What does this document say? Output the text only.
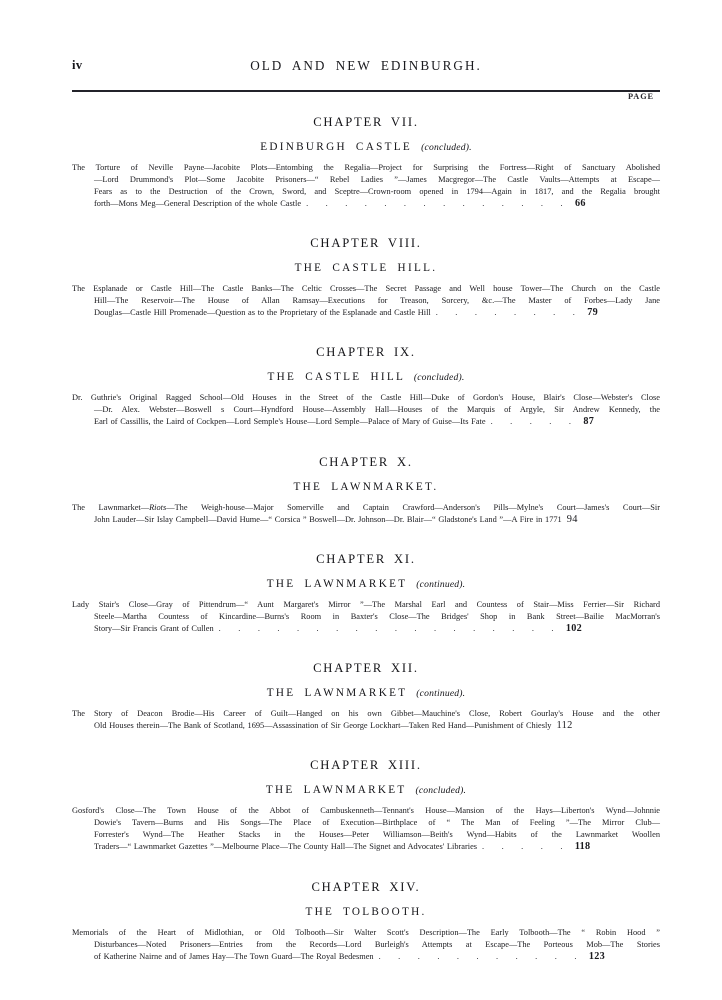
iv	OLD AND NEW EDINBURGH.
PAGE
CHAPTER VII.
EDINBURGH CASTLE (concluded).
The Torture of Neville Payne—Jacobite Plots—Entombing the Regalia—Project for Surprising the Fortress—Right of Sanctuary Abolished
—Lord Drummond's Plot—Some Jacobite Prisoners—“ Rebel Ladies ”—James Macgregor—The Castle Vaults—Attempts at Escape—
Fears as to the Destruction of the Crown, Sword, and Sceptre—Crown-room opened in 1794—Again in 1817, and the Regalia brought
forth—Mons Meg—General Description of the whole Castle . . . . . . . . . . . . . . 66
CHAPTER VIII.
THE CASTLE HILL.
The Esplanade or Castle Hill—The Castle Banks—The Celtic Crosses—The Secret Passage and Well house Tower—The Church on the Castle
Hill—The Reservoir—The House of Allan Ramsay—Executions for Treason, Sorcery, &c.—The Master of Forbes—Lady Jane
Douglas—Castle Hill Promenade—Question as to the Proprietary of the Esplanade and Castle Hill . . . . . . . . 79
CHAPTER IX.
THE CASTLE HILL (concluded).
Dr. Guthrie's Original Ragged School—Old Houses in the Street of the Castle Hill—Duke of Gordon's House, Blair's Close—Webster's Close
—Dr. Alex. Webster—Boswell s Court—Hyndford House—Assembly Hall—Houses of the Marquis of Argyle, Sir Andrew Kennedy, the
Earl of Cassillis, the Laird of Cockpen—Lord Semple's House—Lord Semple—Palace of Mary of Guise—Its Fate . . . . . 87
CHAPTER X.
THE LAWNMARKET.
The Lawnmarket—Riots—The Weigh-house—Major Somerville and Captain Crawford—Anderson's Pills—Mylne's Court—James's Court—Sir
John Lauder—Sir Islay Campbell—David Hume—“ Corsica ” Boswell—Dr. Johnson—Dr. Blair—“ Gladstone's Land ”—A Fire in 1771 94
CHAPTER XI.
THE LAWNMARKET (continued).
Lady Stair's Close—Gray of Pittendrum—“ Aunt Margaret's Mirror ”—The Marshal Earl and Countess of Stair—Miss Ferrier—Sir Richard
Steele—Martha Countess of Kincardine—Burns's Room in Baxter's Close—The Bridges' Shop in Bank Street—Bailie MacMorran's
Story—Sir Francis Grant of Cullen . . . . . . . . . . . . . . . . . . 102
CHAPTER XII.
THE LAWNMARKET (continued).
The Story of Deacon Brodie—His Career of Guilt—Hanged on his own Gibbet—Mauchine's Close, Robert Gourlay's House and the other
Old Houses therein—The Bank of Scotland, 1695—Assassination of Sir George Lockhart—Taken Red Hand—Punishment of Chiesly 112
CHAPTER XIII.
THE LAWNMARKET (concluded).
Gosford's Close—The Town House of the Abbot of Cambuskenneth—Tennant's House—Mansion of the Hays—Liberton's Wynd—Johnnie
Dowie's Tavern—Burns and His Songs—The Place of Execution—Birthplace of “ The Man of Feeling ”—The Mirror Club—
Forrester's Wynd—The Heather Stacks in the Houses—Peter Williamson—Beith's Wynd—Habits of the Lawnmarket Woollen
Traders—“ Lawnmarket Gazettes ”—Melbourne Place—The County Hall—The Signet and Advocates' Libraries . . . . . 118
CHAPTER XIV.
THE TOLBOOTH.
Memorials of the Heart of Midlothian, or Old Tolbooth—Sir Walter Scott's Description—The Early Tolbooth—The “ Robin Hood ”
Disturbances—Noted Prisoners—Entries from the Records—Lord Burleigh's Attempts at Escape—The Porteous Mob—The Stories
of Katherine Nairne and of James Hay—The Town Guard—The Royal Bedesmen . . . . . . . . . . . 123
